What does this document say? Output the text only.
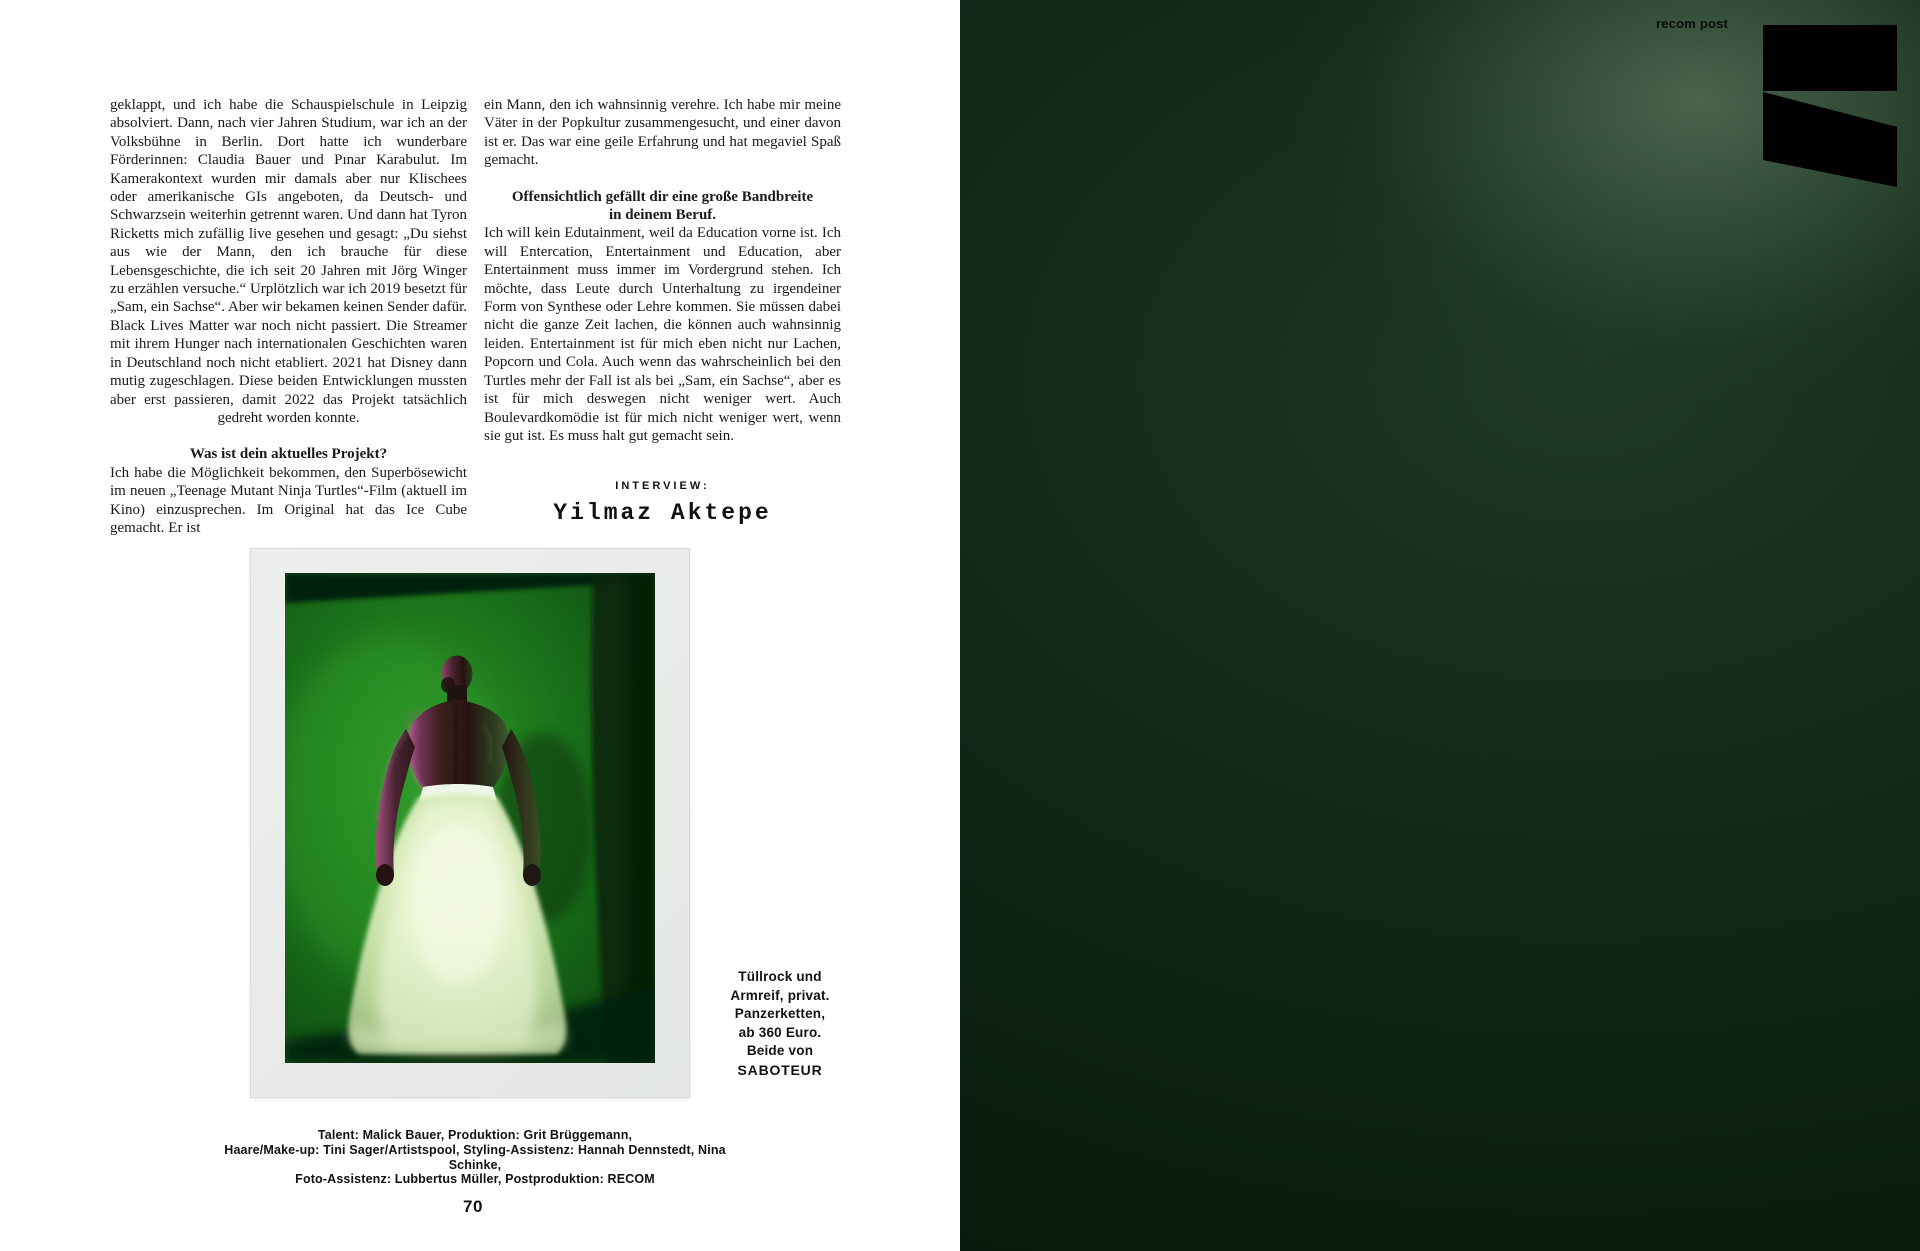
geklappt, und ich habe die Schauspielschule in Leipzig absolviert. Dann, nach vier Jahren Studium, war ich an der Volksbühne in Berlin. Dort hatte ich wunderbare Förderinnen: Claudia Bauer und Pınar Karabulut. Im Kamerakontext wurden mir damals aber nur Klischees oder amerikanische GIs angeboten, da Deutsch- und Schwarzsein weiterhin getrennt waren. Und dann hat Tyron Ricketts mich zufällig live gesehen und gesagt: „Du siehst aus wie der Mann, den ich brauche für diese Lebensgeschichte, die ich seit 20 Jahren mit Jörg Winger zu erzählen versuche.“ Urplötzlich war ich 2019 besetzt für „Sam, ein Sachse“. Aber wir bekamen keinen Sender dafür. Black Lives Matter war noch nicht passiert. Die Streamer mit ihrem Hunger nach internationalen Geschichten waren in Deutschland noch nicht etabliert. 2021 hat Disney dann mutig zugeschlagen. Diese beiden Entwicklungen mussten aber erst passieren, damit 2022 das Projekt tatsächlich gedreht worden konnte.

Was ist dein aktuelles Projekt?

Ich habe die Möglichkeit bekommen, den Superbösewicht im neuen „Teenage Mutant Ninja Turtles“-Film (aktuell im Kino) einzusprechen. Im Original hat das Ice Cube gemacht. Er ist

ein Mann, den ich wahnsinnig verehre. Ich habe mir meine Väter in der Popkultur zusammengesucht, und einer davon ist er. Das war eine geile Erfahrung und hat megaviel Spaß gemacht.

Offensichtlich gefällt dir eine große Bandbreite
in deinem Beruf.

Ich will kein Edutainment, weil da Education vorne ist. Ich will Entercation, Entertainment und Education, aber Entertainment muss immer im Vordergrund stehen. Ich möchte, dass Leute durch Unterhaltung zu irgendeiner Form von Synthese oder Lehre kommen. Sie müssen dabei nicht die ganze Zeit lachen, die können auch wahnsinnig leiden. Entertainment ist für mich eben nicht nur Lachen, Popcorn und Cola. Auch wenn das wahrscheinlich bei den Turtles mehr der Fall ist als bei „Sam, ein Sachse“, aber es ist für mich deswegen nicht weniger wert. Auch Boulevardkomödie ist für mich nicht weniger wert, wenn sie gut ist. Es muss halt gut gemacht sein.

INTERVIEW:
Yilmaz Aktepe
Tüllrock und
Armreif, privat.
Panzerketten,
ab 360 Euro.
Beide von
SABOTEUR
Talent: Malick Bauer, Produktion: Grit Brüggemann,
Haare/Make-up: Tini Sager/Artistspool, Styling-Assistenz: Hannah Dennstedt, Nina Schinke,
Foto-Assistenz: Lubbertus Müller, Postproduktion: RECOM
70
recom post
